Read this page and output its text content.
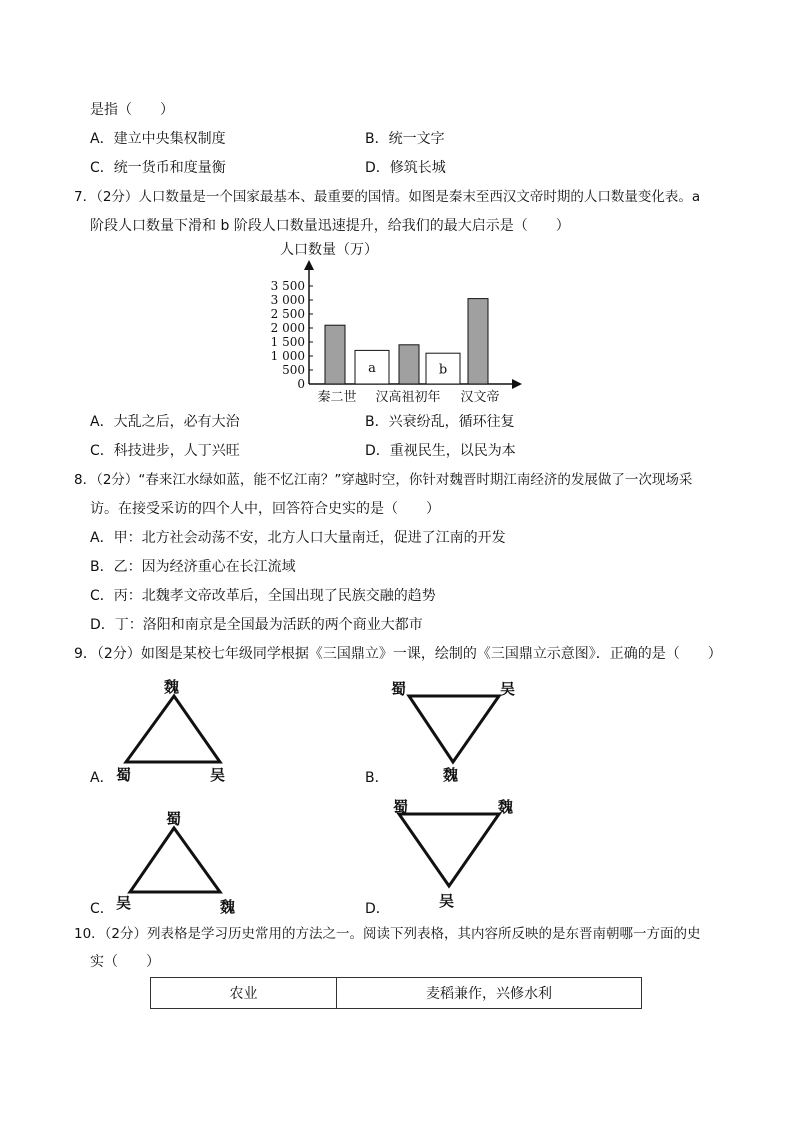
是指（　　）
A．建立中央集权制度	B．统一文字
C．统一货币和度量衡	D．修筑长城
7．（2分）人口数量是一个国家最基本、最重要的国情。如图是秦末至西汉文帝时期的人口数量变化表。a
阶段人口数量下滑和 b 阶段人口数量迅速提升，给我们的最大启示是（　　）
人口数量（万）
0
500
1 000
1 500
2 000
2 500
3 000
3 500
a	b
秦二世 汉高祖初年 汉文帝
A．大乱之后，必有大治	B．兴衰纷乱，循环往复
C．科技进步，人丁兴旺	D．重视民生，以民为本
8．（2分）“春来江水绿如蓝，能不忆江南？”穿越时空，你针对魏晋时期江南经济的发展做了一次现场采
访。在接受采访的四个人中，回答符合史实的是（　　）
A．甲：北方社会动荡不安，北方人口大量南迁，促进了江南的开发
B．乙：因为经济重心在长江流域
C．丙：北魏孝文帝改革后，全国出现了民族交融的趋势
D．丁：洛阳和南京是全国最为活跃的两个商业大都市
9．（2分）如图是某校七年级同学根据《三国鼎立》一课，绘制的《三国鼎立示意图》．正确的是（　　）
A．
魏
蜀	吴	B．
蜀	吴
魏
C．
蜀
吴	魏	D．
蜀	魏
吴
10．（2分）列表格是学习历史常用的方法之一。阅读下列表格，其内容所反映的是东晋南朝哪一方面的史
实（　　）
农业	麦稻兼作，兴修水利
